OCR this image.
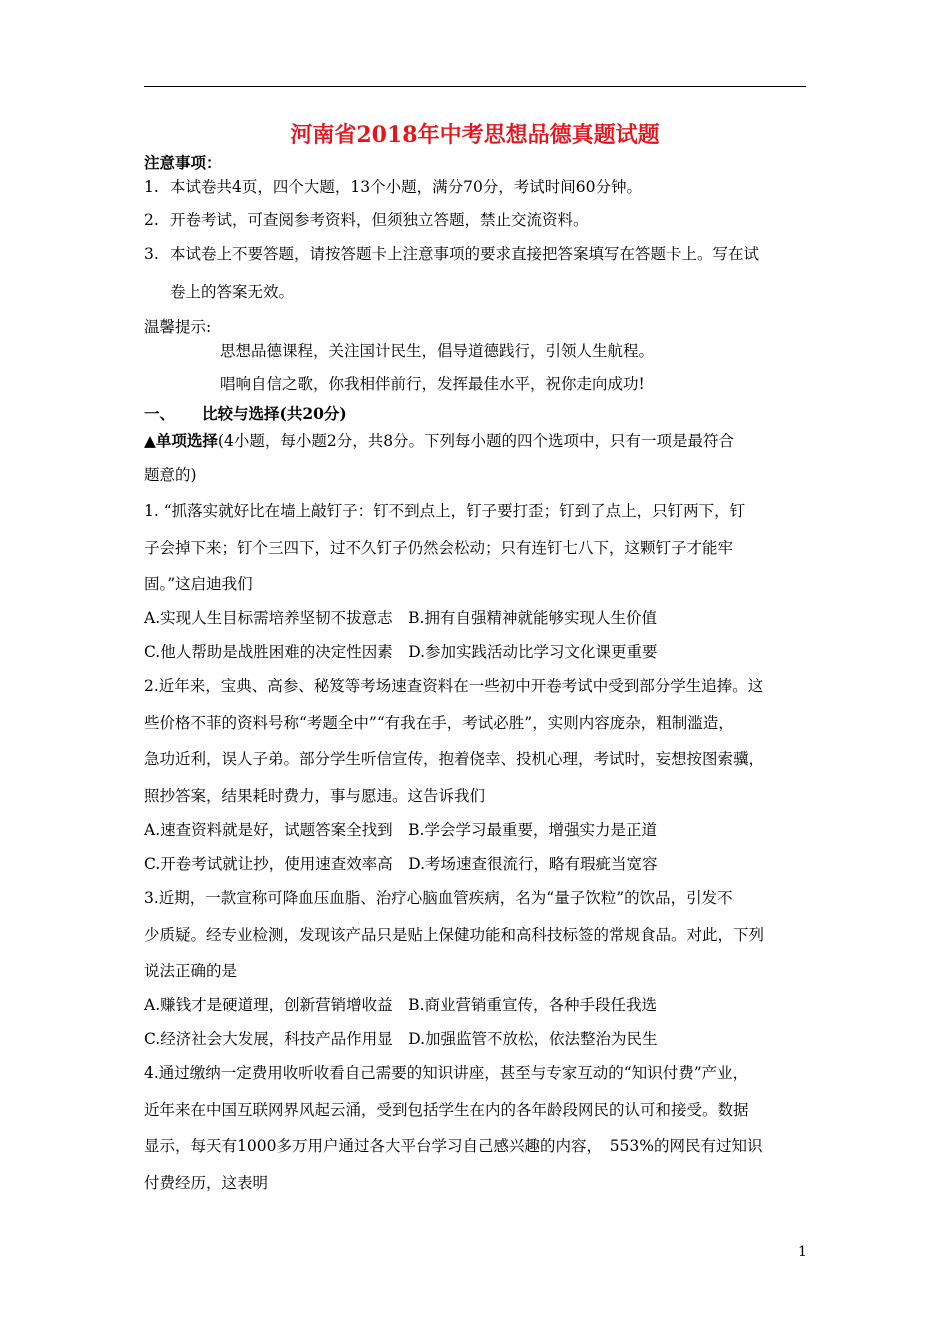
河南省2018年中考思想品德真题试题
注意事项：
1. 本试卷共4页，四个大题，13个小题，满分70分，考试时间60分钟。
2. 开卷考试，可查阅参考资料，但须独立答题，禁止交流资料。
3. 本试卷上不要答题，请按答题卡上注意事项的要求直接把答案填写在答题卡上。写在试
卷上的答案无效。
温馨提示:
思想品德课程，关注国计民生，倡导道德践行，引领人生航程。
唱响自信之歌，你我相伴前行，发挥最佳水平，祝你走向成功!
一、 比较与选择(共20分)
▲单项选择(4小题，每小题2分，共8分。下列每小题的四个选项中，只有一项是最符合
题意的)
1. “抓落实就好比在墙上敲钉子：钉不到点上，钉子要打歪；钉到了点上，只钉两下，钉
子会掉下来；钉个三四下，过不久钉子仍然会松动；只有连钉七八下，这颗钉子才能牢
固。”这启迪我们
A.实现人生目标需培养坚韧不拔意志　B.拥有自强精神就能够实现人生价值
C.他人帮助是战胜困难的决定性因素　D.参加实践活动比学习文化课更重要
2.近年来，宝典、高参、秘笈等考场速查资料在一些初中开卷考试中受到部分学生追捧。这
些价格不菲的资料号称“考题全中”“有我在手，考试必胜”，实则内容庞杂，粗制滥造，
急功近利，误人子弟。部分学生听信宣传，抱着侥幸、投机心理，考试时，妄想按图索骥，
照抄答案，结果耗时费力，事与愿违。这告诉我们
A.速查资料就是好，试题答案全找到　B.学会学习最重要，增强实力是正道
C.开卷考试就让抄，使用速查效率高　D.考场速查很流行，略有瑕疵当宽容
3.近期，一款宣称可降血压血脂、治疗心脑血管疾病，名为“量子饮粒”的饮品，引发不
少质疑。经专业检测，发现该产品只是贴上保健功能和高科技标签的常规食品。对此，下列
说法正确的是
A.赚钱才是硬道理，创新营销增收益　B.商业营销重宣传，各种手段任我选
C.经济社会大发展，科技产品作用显　D.加强监管不放松，依法整治为民生
4.通过缴纳一定费用收听收看自己需要的知识讲座，甚至与专家互动的“知识付费”产业，
近年来在中国互联网界风起云涌，受到包括学生在内的各年龄段网民的认可和接受。数据
显示，每天有1000多万用户通过各大平台学习自己感兴趣的内容，　553%的网民有过知识
付费经历，这表明
1
